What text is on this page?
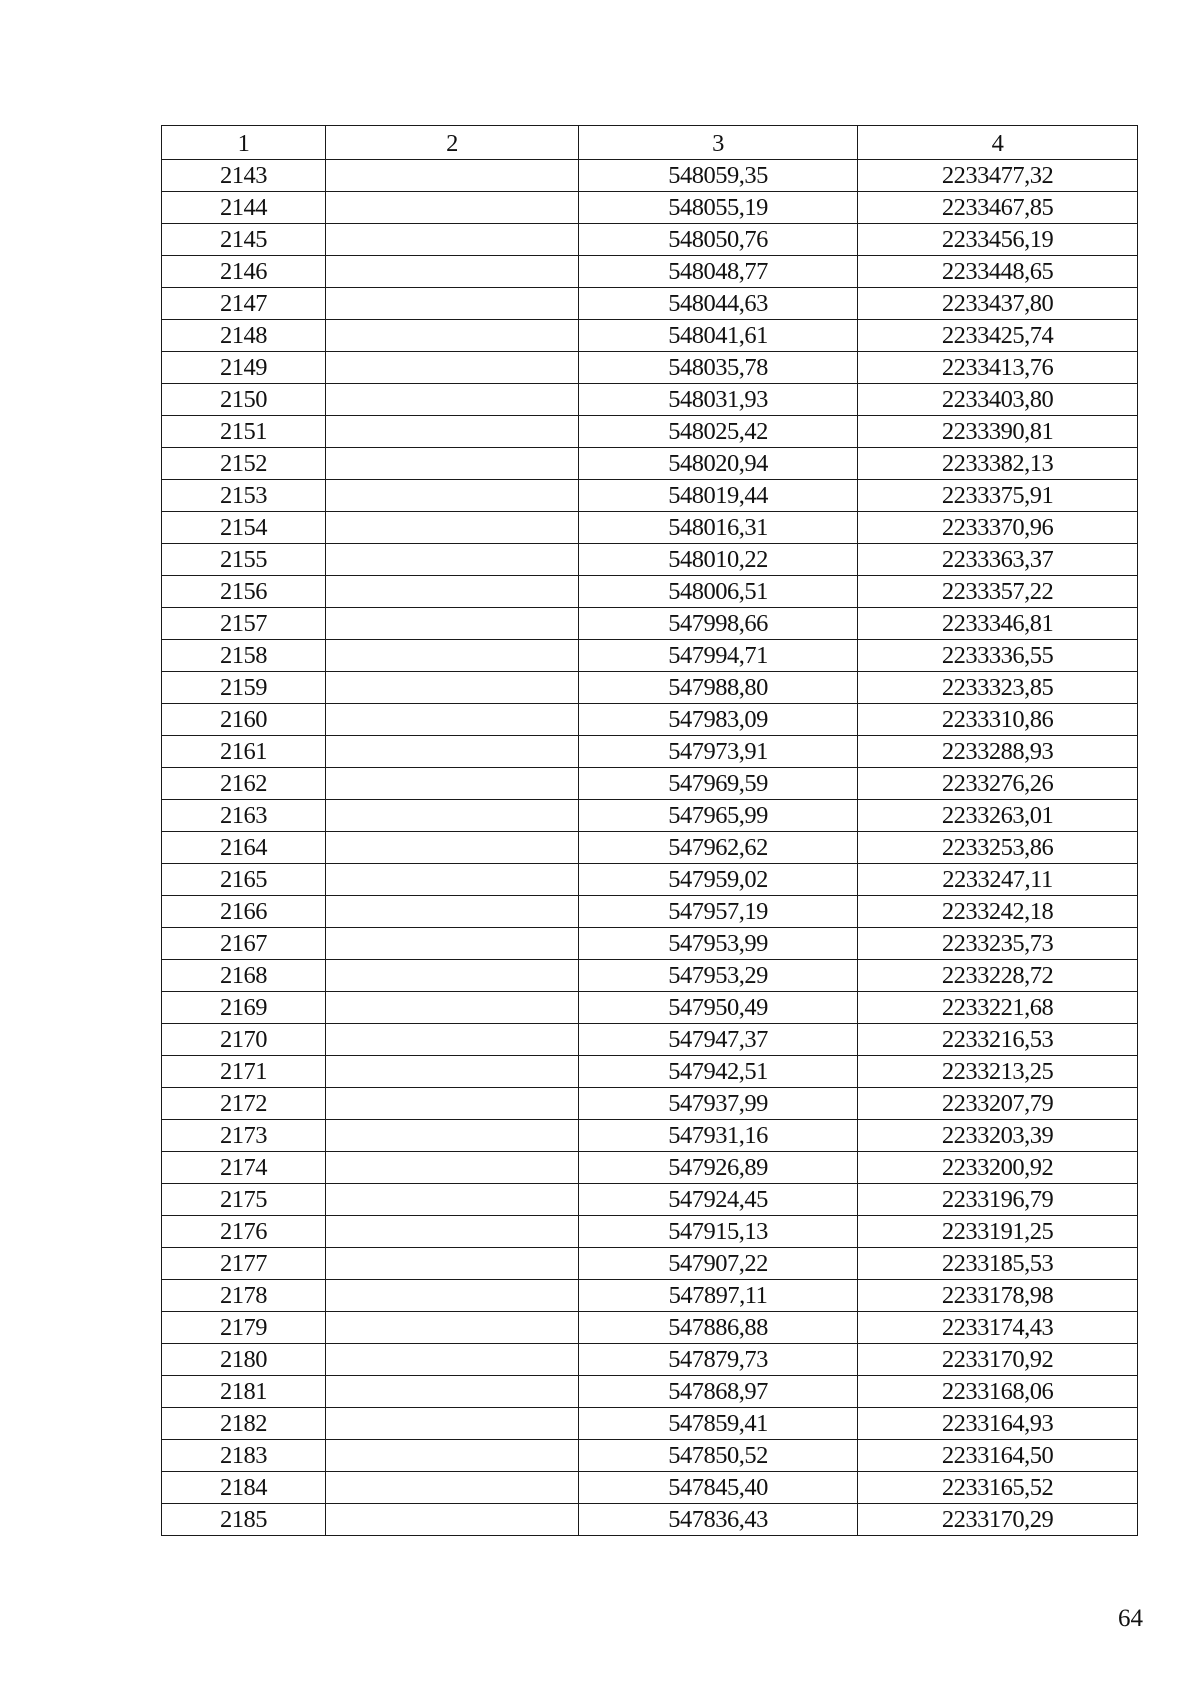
1	2	3	4
2143		548059,35	2233477,32
2144		548055,19	2233467,85
2145		548050,76	2233456,19
2146		548048,77	2233448,65
2147		548044,63	2233437,80
2148		548041,61	2233425,74
2149		548035,78	2233413,76
2150		548031,93	2233403,80
2151		548025,42	2233390,81
2152		548020,94	2233382,13
2153		548019,44	2233375,91
2154		548016,31	2233370,96
2155		548010,22	2233363,37
2156		548006,51	2233357,22
2157		547998,66	2233346,81
2158		547994,71	2233336,55
2159		547988,80	2233323,85
2160		547983,09	2233310,86
2161		547973,91	2233288,93
2162		547969,59	2233276,26
2163		547965,99	2233263,01
2164		547962,62	2233253,86
2165		547959,02	2233247,11
2166		547957,19	2233242,18
2167		547953,99	2233235,73
2168		547953,29	2233228,72
2169		547950,49	2233221,68
2170		547947,37	2233216,53
2171		547942,51	2233213,25
2172		547937,99	2233207,79
2173		547931,16	2233203,39
2174		547926,89	2233200,92
2175		547924,45	2233196,79
2176		547915,13	2233191,25
2177		547907,22	2233185,53
2178		547897,11	2233178,98
2179		547886,88	2233174,43
2180		547879,73	2233170,92
2181		547868,97	2233168,06
2182		547859,41	2233164,93
2183		547850,52	2233164,50
2184		547845,40	2233165,52
2185		547836,43	2233170,29
64
